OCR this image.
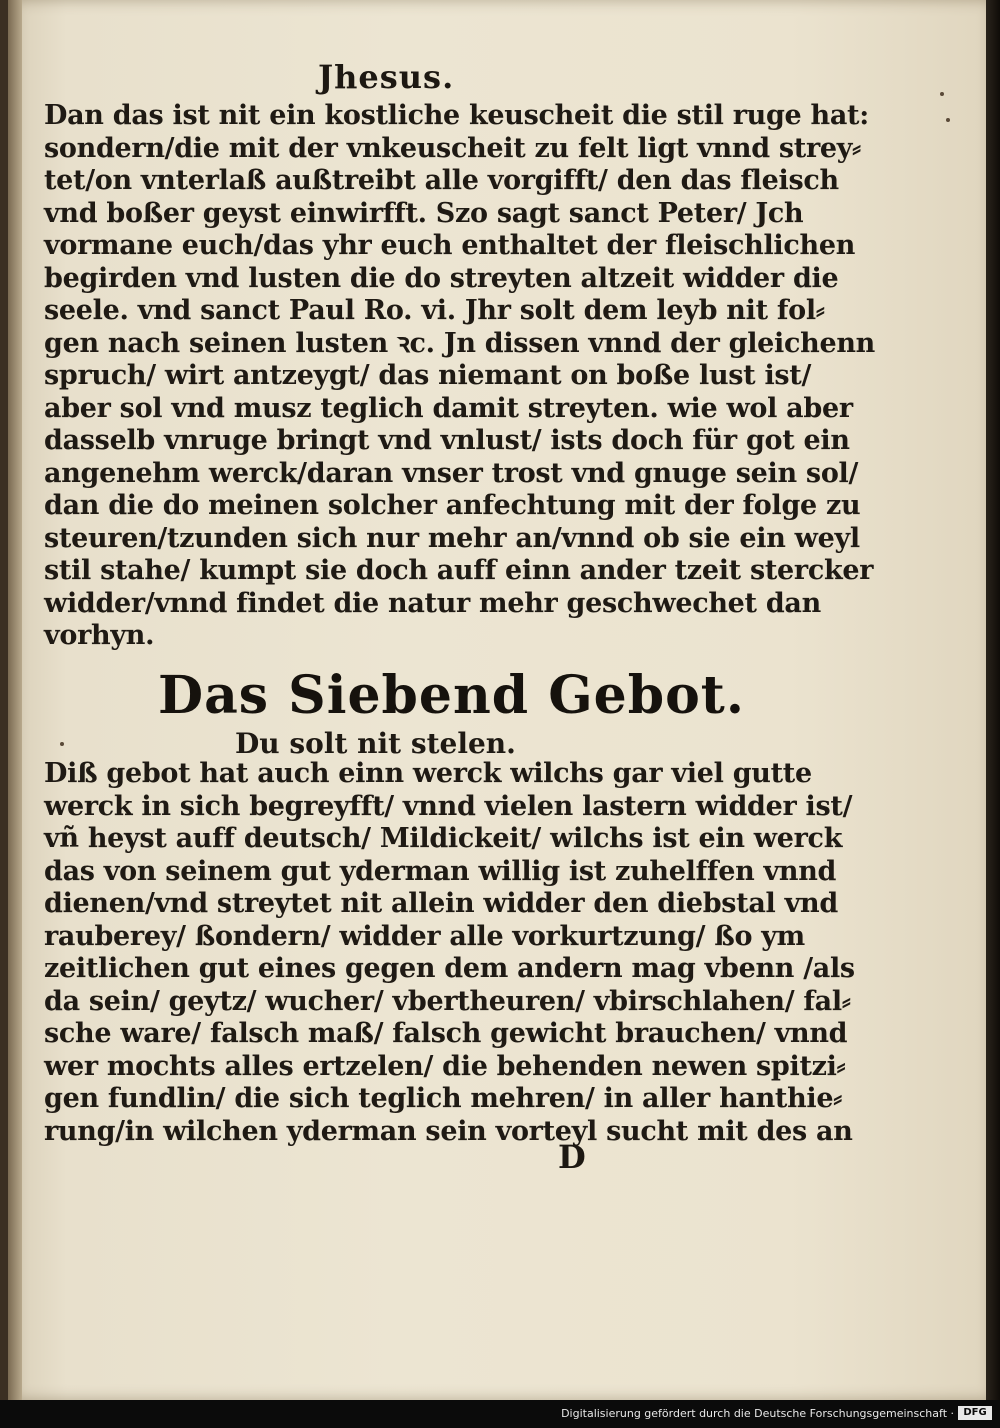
Jhesus.
Dan das ist nit ein kostliche keuscheit die stil ruge hat:
sondern/die mit der vnkeuscheit zu felt ligt vnnd strey⸗
tet/on vnterlaß außtreibt alle vorgifft/ den das fleisch
vnd boßer geyst einwirfft. Szo sagt sanct Peter/ Jch
vormane euch/das yhr euch enthaltet der fleischlichen
begirden vnd lusten die do streyten altzeit widder die
seele. vnd sanct Paul Ro. vi. Jhr solt dem leyb nit fol⸗
gen nach seinen lusten ꝛc. Jn dissen vnnd der gleichenn
spruch/ wirt antzeygt/ das niemant on boße lust ist/
aber sol vnd musz teglich damit streyten. wie wol aber
dasselb vnruge bringt vnd vnlust/ ists doch für got ein
angenehm werck/daran vnser trost vnd gnuge sein sol/
dan die do meinen solcher anfechtung mit der folge zu
steuren/tzunden sich nur mehr an/vnnd ob sie ein weyl
stil stahe/ kumpt sie doch auff einn ander tzeit stercker
widder/vnnd findet die natur mehr geschwechet dan
vorhyn.
Das Siebend Gebot.
Du solt nit stelen.
Diß gebot hat auch einn werck wilchs gar viel gutte
werck in sich begreyfft/ vnnd vielen lastern widder ist/
vñ heyst auff deutsch/ Mildickeit/ wilchs ist ein werck
das von seinem gut yderman willig ist zuhelffen vnnd
dienen/vnd streytet nit allein widder den diebstal vnd
rauberey/ ßondern/ widder alle vorkurtzung/ ßo ym
zeitlichen gut eines gegen dem andern mag vbenn /als
da sein/ geytz/ wucher/ vbertheuren/ vbirschlahen/ fal⸗
sche ware/ falsch maß/ falsch gewicht brauchen/ vnnd
wer mochts alles ertzelen/ die behenden newen spitzi⸗
gen fundlin/ die sich teglich mehren/ in aller hanthie⸗
rung/in wilchen yderman sein vorteyl sucht mit des an
D
Digitalisierung gefördert durch die Deutsche Forschungsgemeinschaft · DFG
